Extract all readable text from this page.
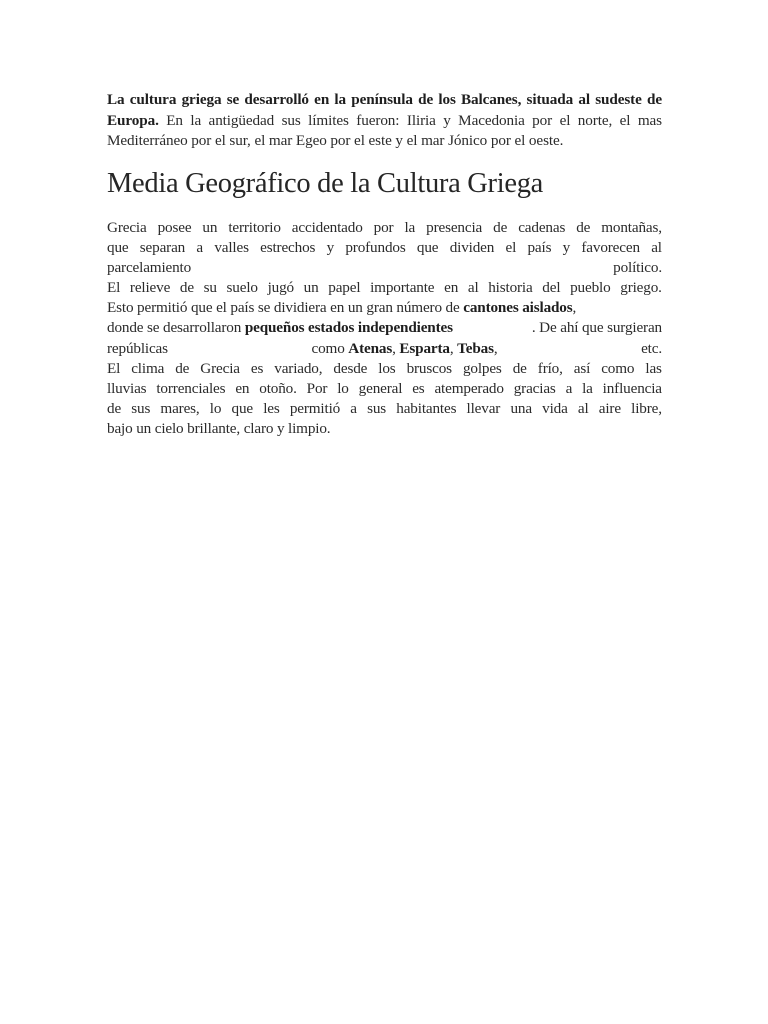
La cultura griega se desarrolló en la península de los Balcanes, situada al sudeste de Europa. En la antigüedad sus límites fueron: Iliria y Macedonia por el norte, el mas Mediterráneo por el sur, el mar Egeo por el este y el mar Jónico por el oeste.

Media Geográfico de la Cultura Griega
Grecia posee un territorio accidentado por la presencia de cadenas de montañas,
que separan a valles estrechos y profundos que dividen el país y favorecen al
parcelamiento	político.
El relieve de su suelo jugó un papel importante en al historia del pueblo griego.
Esto permitió que el país se dividiera en un gran número de cantones aislados,
donde se desarrollaron pequeños estados independientes	. De ahí que surgieran
repúblicas	como Atenas, Esparta, Tebas,	etc.
El clima de Grecia es variado, desde los bruscos golpes de frío, así como las
lluvias torrenciales en otoño. Por lo general es atemperado gracias a la influencia
de sus mares, lo que les permitió a sus habitantes llevar una vida al aire libre,
bajo un cielo brillante, claro y limpio.
